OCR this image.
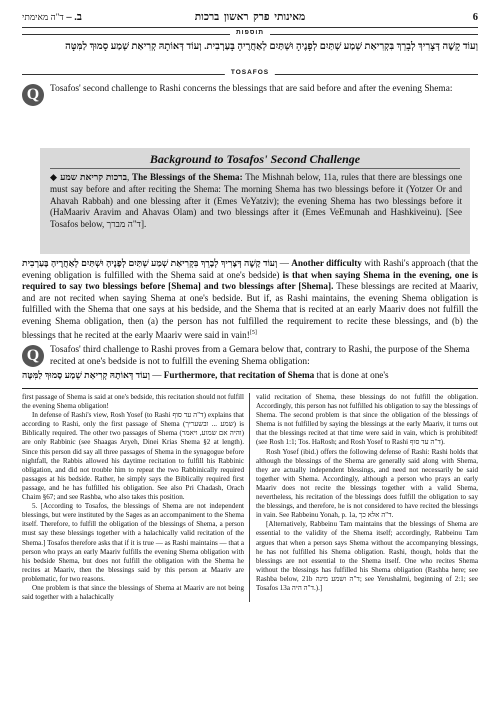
6
מאינותי פרק ראשון ברכות
ב. – ד"ה מאימתי
תוספות
וְעוֹד קָשֶׁה דְּצָרִיךְ לְבָרֵךְ בִּקְרִיאַת שְׁמַע שְׁתַּיִם לְפָנֶיהָ וּשְׁתַּיִם לְאַחֲרֶיהָ בָּעַרְבִית. וְעוֹד דְּאוֹתָהּ קְרִיאַת שְׁמַע סָמוּךְ לַמִּטָּה
TOSAFOS
Q	Tosafos' second challenge to Rashi concerns the blessings that are said before and after the evening Shema:
Background to Tosafos' Second Challenge
◆ ברכות קריאת שמע, The Blessings of the Shema: The Mishnah below, 11a, rules that there are blessings one must say before and after reciting the Shema: The morning Shema has two blessings before it (Yotzer Or and Ahavah Rabbah) and one blessing after it (Emes VeYatziv); the evening Shema has two blessings before it (HaMaariv Aravim and Ahavas Olam) and two blessings after it (Emes VeEmunah and Hashkiveinu). [See Tosafos below, ד"ה מברך].
וְעוֹד קָשֶׁה דְּצָרִיךְ לְבָרֵךְ בִּקְרִיאַת שְׁמַע שְׁתַּיִם לְפָנֶיהָ וּשְׁתַּיִם לְאַחֲרֶיהָ בָּעַרְבִית — Another difficulty with Rashi's approach (that the evening obligation is fulfilled with the Shema said at one's bedside) is that when saying Shema in the evening, one is required to say two blessings before [Shema] and two blessings after [Shema]. These blessings are recited at Maariv, and are not recited when saying Shema at one's bedside. But if, as Rashi maintains, the evening Shema obligation is fulfilled with the Shema that one says at his bedside, and the Shema that is recited at an early Maariv does not fulfill the evening Shema obligation, then (a) the person has not fulfilled the requirement to recite these blessings, and (b) the blessings that he recited at the early Maariv were said in vain![5]
Q	Tosafos' third challenge to Rashi proves from a Gemara below that, contrary to Rashi, the purpose of the Shema recited at one's bedside is not to fulfill the evening Shema obligation:
וְעוֹד דְּאוֹתָהּ קְרִיאַת שְׁמַע סָמוּךְ לַמִּטָּה — Furthermore, that recitation of Shema that is done at one's

first passage of Shema is said at one's bedside, this recitation should not fulfill the evening Shema obligation!

In defense of Rashi's view, Rosh Yosef (to Rashi ד"ה עד סוף) explains that according to Rashi, only the first passage of Shema (שמע ... ובשעריך) is Biblically required. The other two passages of Shema (והיה אם שמוע, ויאמר) are only Rabbinic (see Shaagas Aryeh, Dinei Krias Shema §2 at length). Since this person did say all three passages of Shema in the synagogue before nightfall, the Rabbis allowed his daytime recitation to fulfill his Rabbinic obligation, and did not trouble him to repeat the two Rabbinically required passages at his bedside. Rather, he simply says the Biblically required first passage, and he has fulfilled his obligation. See also Pri Chadash, Orach Chaim §67; and see Rashba, who also takes this position.

5. [According to Tosafos, the blessings of Shema are not independent blessings, but were instituted by the Sages as an accompaniment to the Shema itself. Therefore, to fulfill the obligation of the blessings of Shema, a person must say these blessings together with a halachically valid recitation of the Shema.] Tosafos therefore asks that if it is true — as Rashi maintains — that a person who prays an early Maariv fulfills the evening Shema obligation with his bedside Shema, but does not fulfill the obligation with the Shema he recites at Maariv, then the blessings said by this person at Maariv are problematic, for two reasons.

One problem is that since the blessings of Shema at Maariv are not being said together with a halachically

valid recitation of Shema, these blessings do not fulfill the obligation. Accordingly, this person has not fulfilled his obligation to say the blessings of Shema. The second problem is that since the obligation of the blessings of Shema is not fulfilled by saying the blessings at the early Maariv, it turns out that the blessings recited at that time were said in vain, which is prohibited! (see Rosh 1:1; Tos. HaRosh; and Rosh Yosef to Rashi ד"ה עד סוף).

Rosh Yosef (ibid.) offers the following defense of Rashi: Rashi holds that although the blessings of the Shema are generally said along with Shema, they are actually independent blessings, and need not necessarily be said together with Shema. Accordingly, although a person who prays an early Maariv does not recite the blessings together with a valid Shema, nevertheless, his recitation of the blessings does fulfill the obligation to say the blessings, and therefore, he is not considered to have recited the blessings in vain. See Rabbeinu Yonah, p. 1a, ד"ה אלא כך.

[Alternatively, Rabbeinu Tam maintains that the blessings of Shema are essential to the validity of the Shema itself; accordingly, Rabbeinu Tam argues that when a person says Shema without the accompanying blessings, he has not fulfilled his Shema obligation. Rashi, though, holds that the blessings are not essential to the Shema itself. One who recites Shema without the blessings has fulfilled his Shema obligation (Rashba here; see Rashba below, 21b ד"ה ושמע מינה; see Yerushalmi, beginning of 2:1; see Tosafos 13a ד"ה היה.).]
